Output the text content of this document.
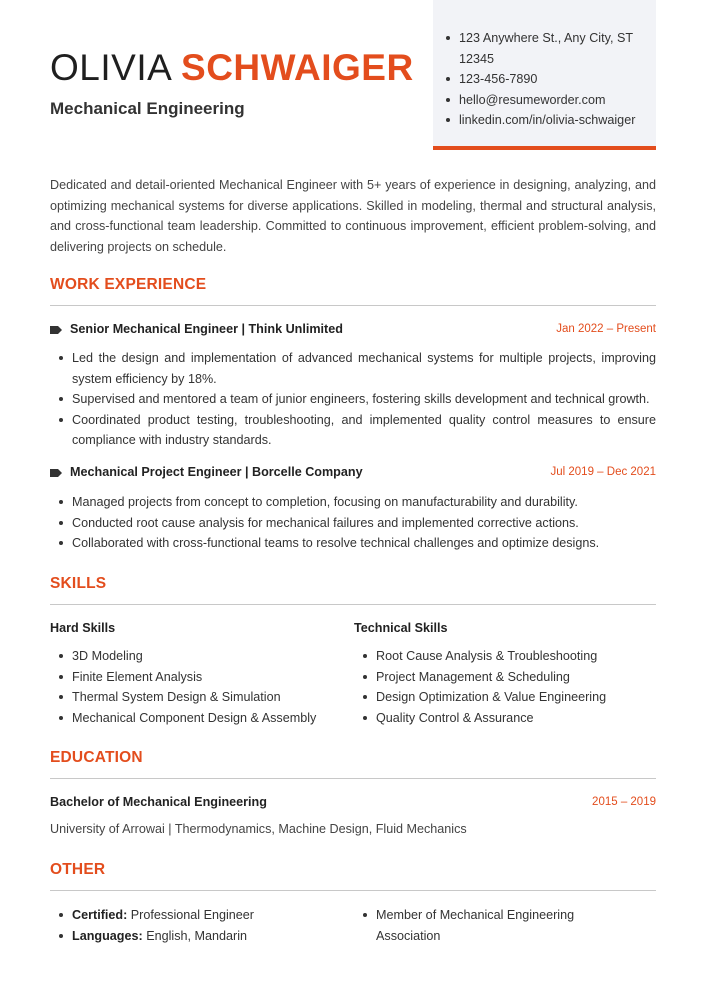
OLIVIA SCHWAIGER
Mechanical Engineering
123 Anywhere St., Any City, ST 12345
123-456-7890
hello@resumeworder.com
linkedin.com/in/olivia-schwaiger

Dedicated and detail-oriented Mechanical Engineer with 5+ years of experience in designing, analyzing, and optimizing mechanical systems for diverse applications. Skilled in modeling, thermal and structural analysis, and cross-functional team leadership. Committed to continuous improvement, efficient problem-solving, and delivering projects on schedule.

WORK EXPERIENCE
Senior Mechanical Engineer | Think Unlimited	Jan 2022 – Present
Led the design and implementation of advanced mechanical systems for multiple projects, improving system efficiency by 18%.
Supervised and mentored a team of junior engineers, fostering skills development and technical growth.
Coordinated product testing, troubleshooting, and implemented quality control measures to ensure compliance with industry standards.
Mechanical Project Engineer | Borcelle Company	Jul 2019 – Dec 2021
Managed projects from concept to completion, focusing on manufacturability and durability.
Conducted root cause analysis for mechanical failures and implemented corrective actions.
Collaborated with cross-functional teams to resolve technical challenges and optimize designs.
SKILLS
Hard Skills
3D Modeling
Finite Element Analysis
Thermal System Design & Simulation
Mechanical Component Design & Assembly
Technical Skills
Root Cause Analysis & Troubleshooting
Project Management & Scheduling
Design Optimization & Value Engineering
Quality Control & Assurance
EDUCATION
Bachelor of Mechanical Engineering	2015 – 2019
University of Arrowai | Thermodynamics, Machine Design, Fluid Mechanics
OTHER
Certified: Professional Engineer
Languages: English, Mandarin
Member of Mechanical Engineering Association
